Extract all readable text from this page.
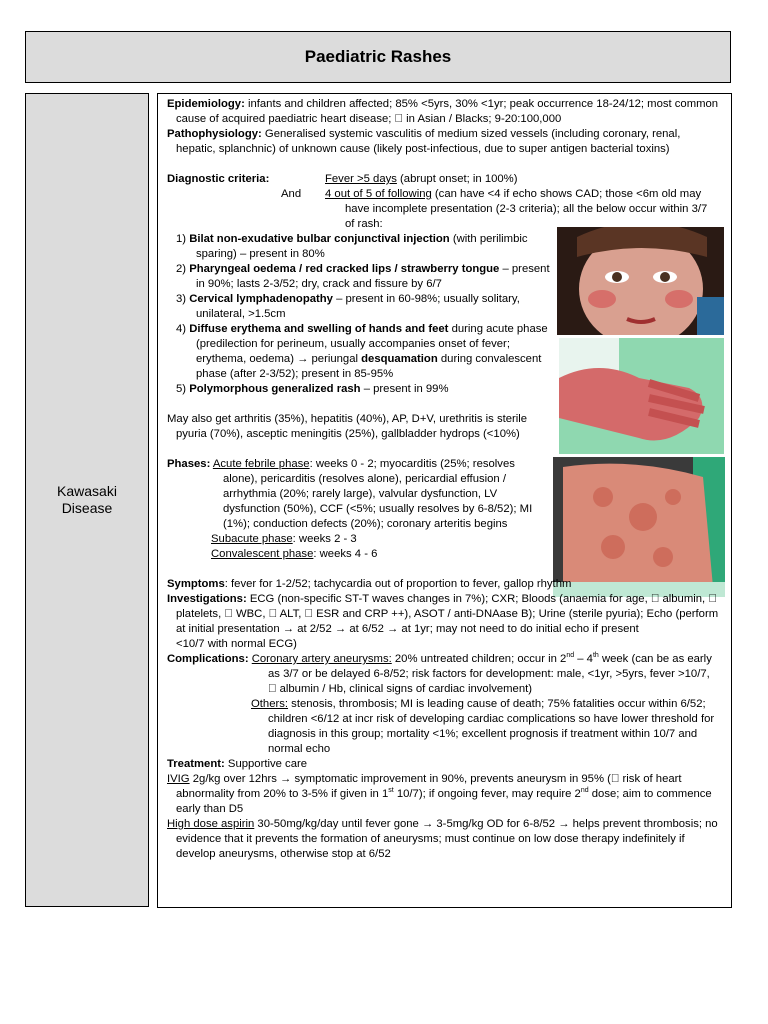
Paediatric Rashes
Kawasaki
Disease

Epidemiology: infants and children affected; 85% <5yrs, 30% <1yr; peak occurrence 18-24/12; most common cause of acquired paediatric heart disease;   in Asian / Blacks; 9-20:100,000

Pathophysiology: Generalised systemic vasculitis of medium sized vessels (including coronary, renal, hepatic, splanchnic) of unknown cause (likely post-infectious, due to super antigen bacterial toxins)

Diagnostic criteria:	Fever >5 days (abrupt onset; in 100%)
And	4 out of 5 of following (can have <4 if echo shows CAD; those <6m old may have incomplete presentation (2-3 criteria); all the below occur within 3/7 of rash:
1) Bilat non-exudative bulbar conjunctival injection (with perilimbic sparing) – present in 80%
2) Pharyngeal oedema / red cracked lips / strawberry tongue – present in 90%; lasts 2-3/52; dry, crack and fissure by 6/7
3) Cervical lymphadenopathy – present in 60-98%; usually solitary, unilateral, >1.5cm
4) Diffuse erythema and swelling of hands and feet during acute phase (predilection for perineum, usually accompanies onset of fever; erythema, oedema) → periungal desquamation during convalescent phase (after 2-3/52); present in 85-95%
5) Polymorphous generalized rash – present in 99%

May also get arthritis (35%), hepatitis (40%), AP, D+V, urethritis is sterile pyuria (70%), asceptic meningitis (25%), gallbladder hydrops (<10%)

Phases: Acute febrile phase: weeks 0 - 2; myocarditis (25%; resolves alone), pericarditis (resolves alone), pericardial effusion / arrhythmia (20%; rarely large), valvular dysfunction, LV dysfunction (50%), CCF (<5%; usually resolves by 6-8/52); MI (1%); conduction defects (20%); coronary arteritis begins

Subacute phase: weeks 2 - 3

Convalescent phase: weeks 4 - 6

Symptoms: fever for 1-2/52; tachycardia out of proportion to fever, gallop rhythm

Investigations: ECG (non-specific ST-T waves changes in 7%); CXR; Bloods (anaemia for age,   albumin,   platelets,   WBC,   ALT,   ESR and CRP ++), ASOT / anti-DNAase B); Urine (sterile pyuria); Echo (perform at initial presentation → at 2/52 → at 6/52 → at 1yr; may not need to do initial echo if present

<10/7 with normal ECG)

Complications: Coronary artery aneurysms: 20% untreated children; occur in 2nd – 4th week (can be as early as 3/7 or be delayed 6-8/52; risk factors for development: male, <1yr, >5yrs, fever >10/7,   albumin / Hb, clinical signs of cardiac involvement)

Others: stenosis, thrombosis; MI is leading cause of death; 75% fatalities occur within 6/52; children <6/12 at incr risk of developing cardiac complications so have lower threshold for diagnosis in this group; mortality <1%; excellent prognosis if treatment within 10/7 and normal echo

Treatment: Supportive care

IVIG 2g/kg over 12hrs → symptomatic improvement in 90%, prevents aneurysm in 95% (  risk of heart abnormality from 20% to 3-5% if given in 1st 10/7); if ongoing fever, may require 2nd dose; aim to commence early than D5

High dose aspirin 30-50mg/kg/day until fever gone → 3-5mg/kg OD for 6-8/52 → helps prevent thrombosis; no evidence that it prevents the formation of aneurysms; must continue on low dose therapy indefinitely if develop aneurysms, otherwise stop at 6/52
